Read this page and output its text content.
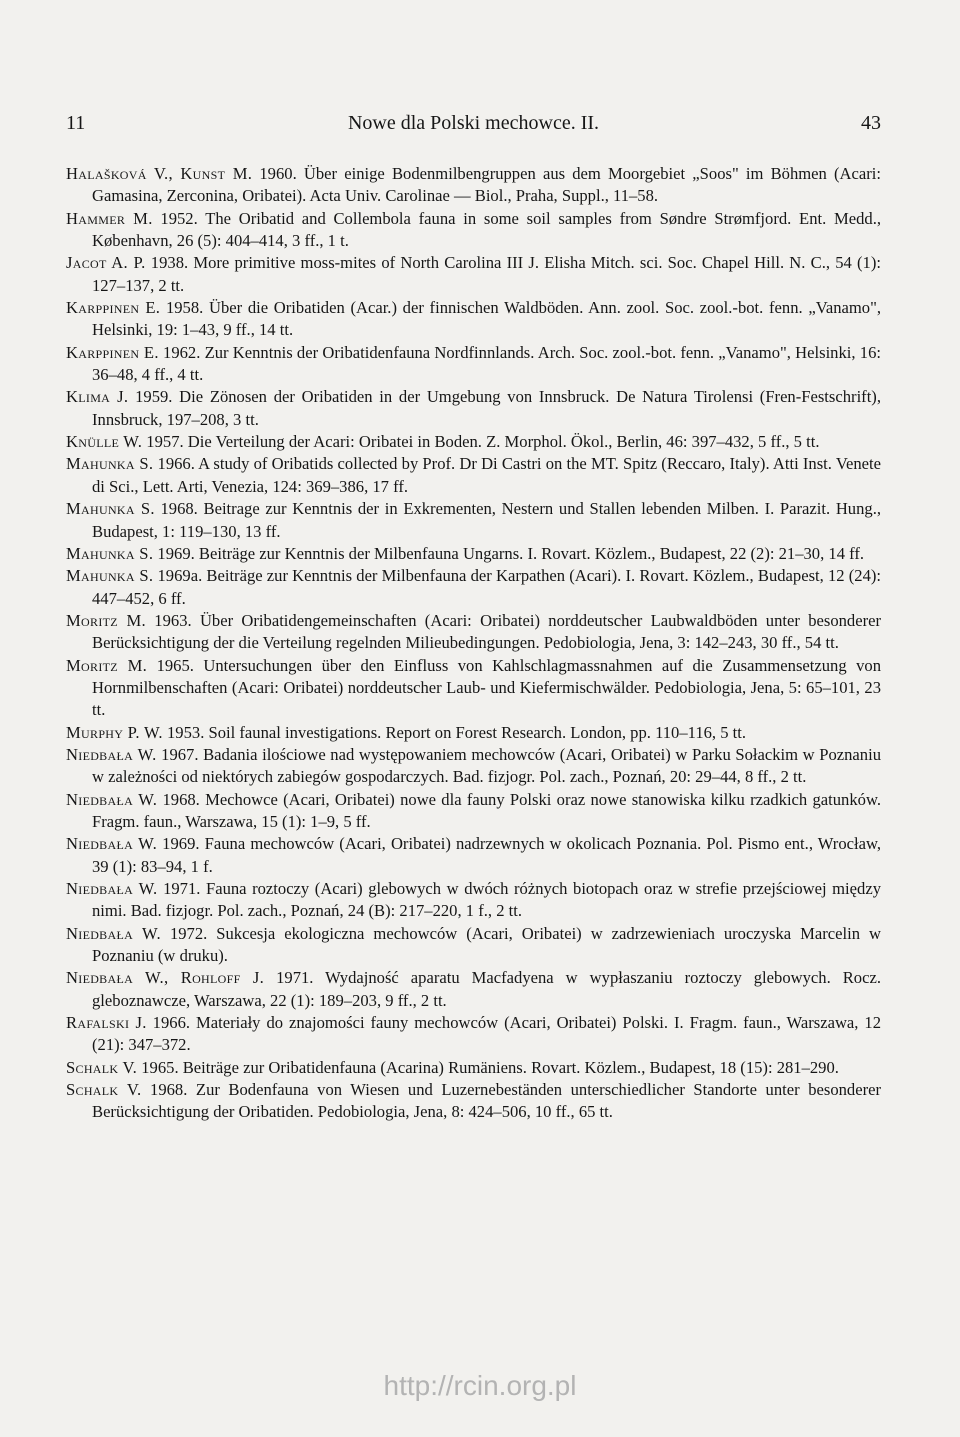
11	Nowe dla Polski mechowce. II.	43

Halašková V., Kunst M. 1960. Über einige Bodenmilbengruppen aus dem Moorgebiet „Soos" im Böhmen (Acari: Gamasina, Zerconina, Oribatei). Acta Univ. Carolinae — Biol., Praha, Suppl., 11–58.

Hammer M. 1952. The Oribatid and Collembola fauna in some soil samples from Søndre Strømfjord. Ent. Medd., København, 26 (5): 404–414, 3 ff., 1 t.

Jacot A. P. 1938. More primitive moss-mites of North Carolina III J. Elisha Mitch. sci. Soc. Chapel Hill. N. C., 54 (1): 127–137, 2 tt.

Karppinen E. 1958. Über die Oribatiden (Acar.) der finnischen Waldböden. Ann. zool. Soc. zool.-bot. fenn. „Vanamo", Helsinki, 19: 1–43, 9 ff., 14 tt.

Karppinen E. 1962. Zur Kenntnis der Oribatidenfauna Nordfinnlands. Arch. Soc. zool.-bot. fenn. „Vanamo", Helsinki, 16: 36–48, 4 ff., 4 tt.

Klima J. 1959. Die Zönosen der Oribatiden in der Umgebung von Innsbruck. De Natura Tirolensi (Fren-Festschrift), Innsbruck, 197–208, 3 tt.

Knülle W. 1957. Die Verteilung der Acari: Oribatei in Boden. Z. Morphol. Ökol., Berlin, 46: 397–432, 5 ff., 5 tt.

Mahunka S. 1966. A study of Oribatids collected by Prof. Dr Di Castri on the MT. Spitz (Reccaro, Italy). Atti Inst. Venete di Sci., Lett. Arti, Venezia, 124: 369–386, 17 ff.

Mahunka S. 1968. Beitrage zur Kenntnis der in Exkrementen, Nestern und Stallen lebenden Milben. I. Parazit. Hung., Budapest, 1: 119–130, 13 ff.

Mahunka S. 1969. Beiträge zur Kenntnis der Milbenfauna Ungarns. I. Rovart. Közlem., Budapest, 22 (2): 21–30, 14 ff.

Mahunka S. 1969a. Beiträge zur Kenntnis der Milbenfauna der Karpathen (Acari). I. Rovart. Közlem., Budapest, 12 (24): 447–452, 6 ff.

Moritz M. 1963. Über Oribatidengemeinschaften (Acari: Oribatei) norddeutscher Laubwaldböden unter besonderer Berücksichtigung der die Verteilung regelnden Milieubedingungen. Pedobiologia, Jena, 3: 142–243, 30 ff., 54 tt.

Moritz M. 1965. Untersuchungen über den Einfluss von Kahlschlagmassnahmen auf die Zusammensetzung von Hornmilbenschaften (Acari: Oribatei) norddeutscher Laub- und Kiefermischwälder. Pedobiologia, Jena, 5: 65–101, 23 tt.

Murphy P. W. 1953. Soil faunal investigations. Report on Forest Research. London, pp. 110–116, 5 tt.

Niedbała W. 1967. Badania ilościowe nad występowaniem mechowców (Acari, Oribatei) w Parku Sołackim w Poznaniu w zależności od niektórych zabiegów gospodarczych. Bad. fizjogr. Pol. zach., Poznań, 20: 29–44, 8 ff., 2 tt.

Niedbała W. 1968. Mechowce (Acari, Oribatei) nowe dla fauny Polski oraz nowe stanowiska kilku rzadkich gatunków. Fragm. faun., Warszawa, 15 (1): 1–9, 5 ff.

Niedbała W. 1969. Fauna mechowców (Acari, Oribatei) nadrzewnych w okolicach Poznania. Pol. Pismo ent., Wrocław, 39 (1): 83–94, 1 f.

Niedbała W. 1971. Fauna roztoczy (Acari) glebowych w dwóch różnych biotopach oraz w strefie przejściowej między nimi. Bad. fizjogr. Pol. zach., Poznań, 24 (B): 217–220, 1 f., 2 tt.

Niedbała W. 1972. Sukcesja ekologiczna mechowców (Acari, Oribatei) w zadrzewieniach uroczyska Marcelin w Poznaniu (w druku).

Niedbała W., Rohloff J. 1971. Wydajność aparatu Macfadyena w wypłaszaniu roztoczy glebowych. Rocz. gleboznawcze, Warszawa, 22 (1): 189–203, 9 ff., 2 tt.

Rafalski J. 1966. Materiały do znajomości fauny mechowców (Acari, Oribatei) Polski. I. Fragm. faun., Warszawa, 12 (21): 347–372.

Schalk V. 1965. Beiträge zur Oribatidenfauna (Acarina) Rumäniens. Rovart. Közlem., Budapest, 18 (15): 281–290.

Schalk V. 1968. Zur Bodenfauna von Wiesen und Luzernebeständen unterschiedlicher Standorte unter besonderer Berücksichtigung der Oribatiden. Pedobiologia, Jena, 8: 424–506, 10 ff., 65 tt.

http://rcin.org.pl
